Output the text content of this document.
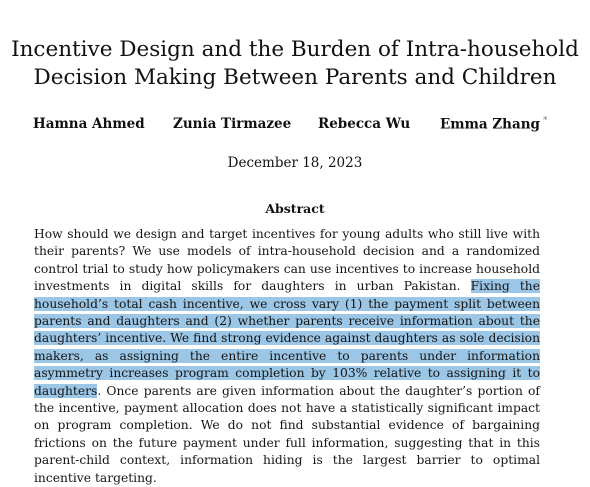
Incentive Design and the Burden of Intra-household
Decision Making Between Parents and Children
Hamna Ahmed Zunia Tirmazee Rebecca Wu Emma Zhang *
December 18, 2023
Abstract
How should we design and target incentives for young adults who still live with their parents? We use models of intra-household decision and a randomized control trial to study how policymakers can use incentives to increase household investments in digital skills for daughters in urban Pakistan. Fixing the household’s total cash incentive, we cross vary (1) the payment split between parents and daughters and (2) whether parents receive information about the daughters’ incentive. We find strong evidence against daughters as sole decision makers, as assigning the entire incentive to parents under information asymmetry increases program completion by 103% relative to assigning it to daughters. Once parents are given information about the daughter’s portion of the incentive, payment allocation does not have a statistically significant impact on program completion. We do not find substantial evidence of bargaining frictions on the future payment under full information, suggesting that in this parent-child context, information hiding is the largest barrier to optimal incentive targeting.
